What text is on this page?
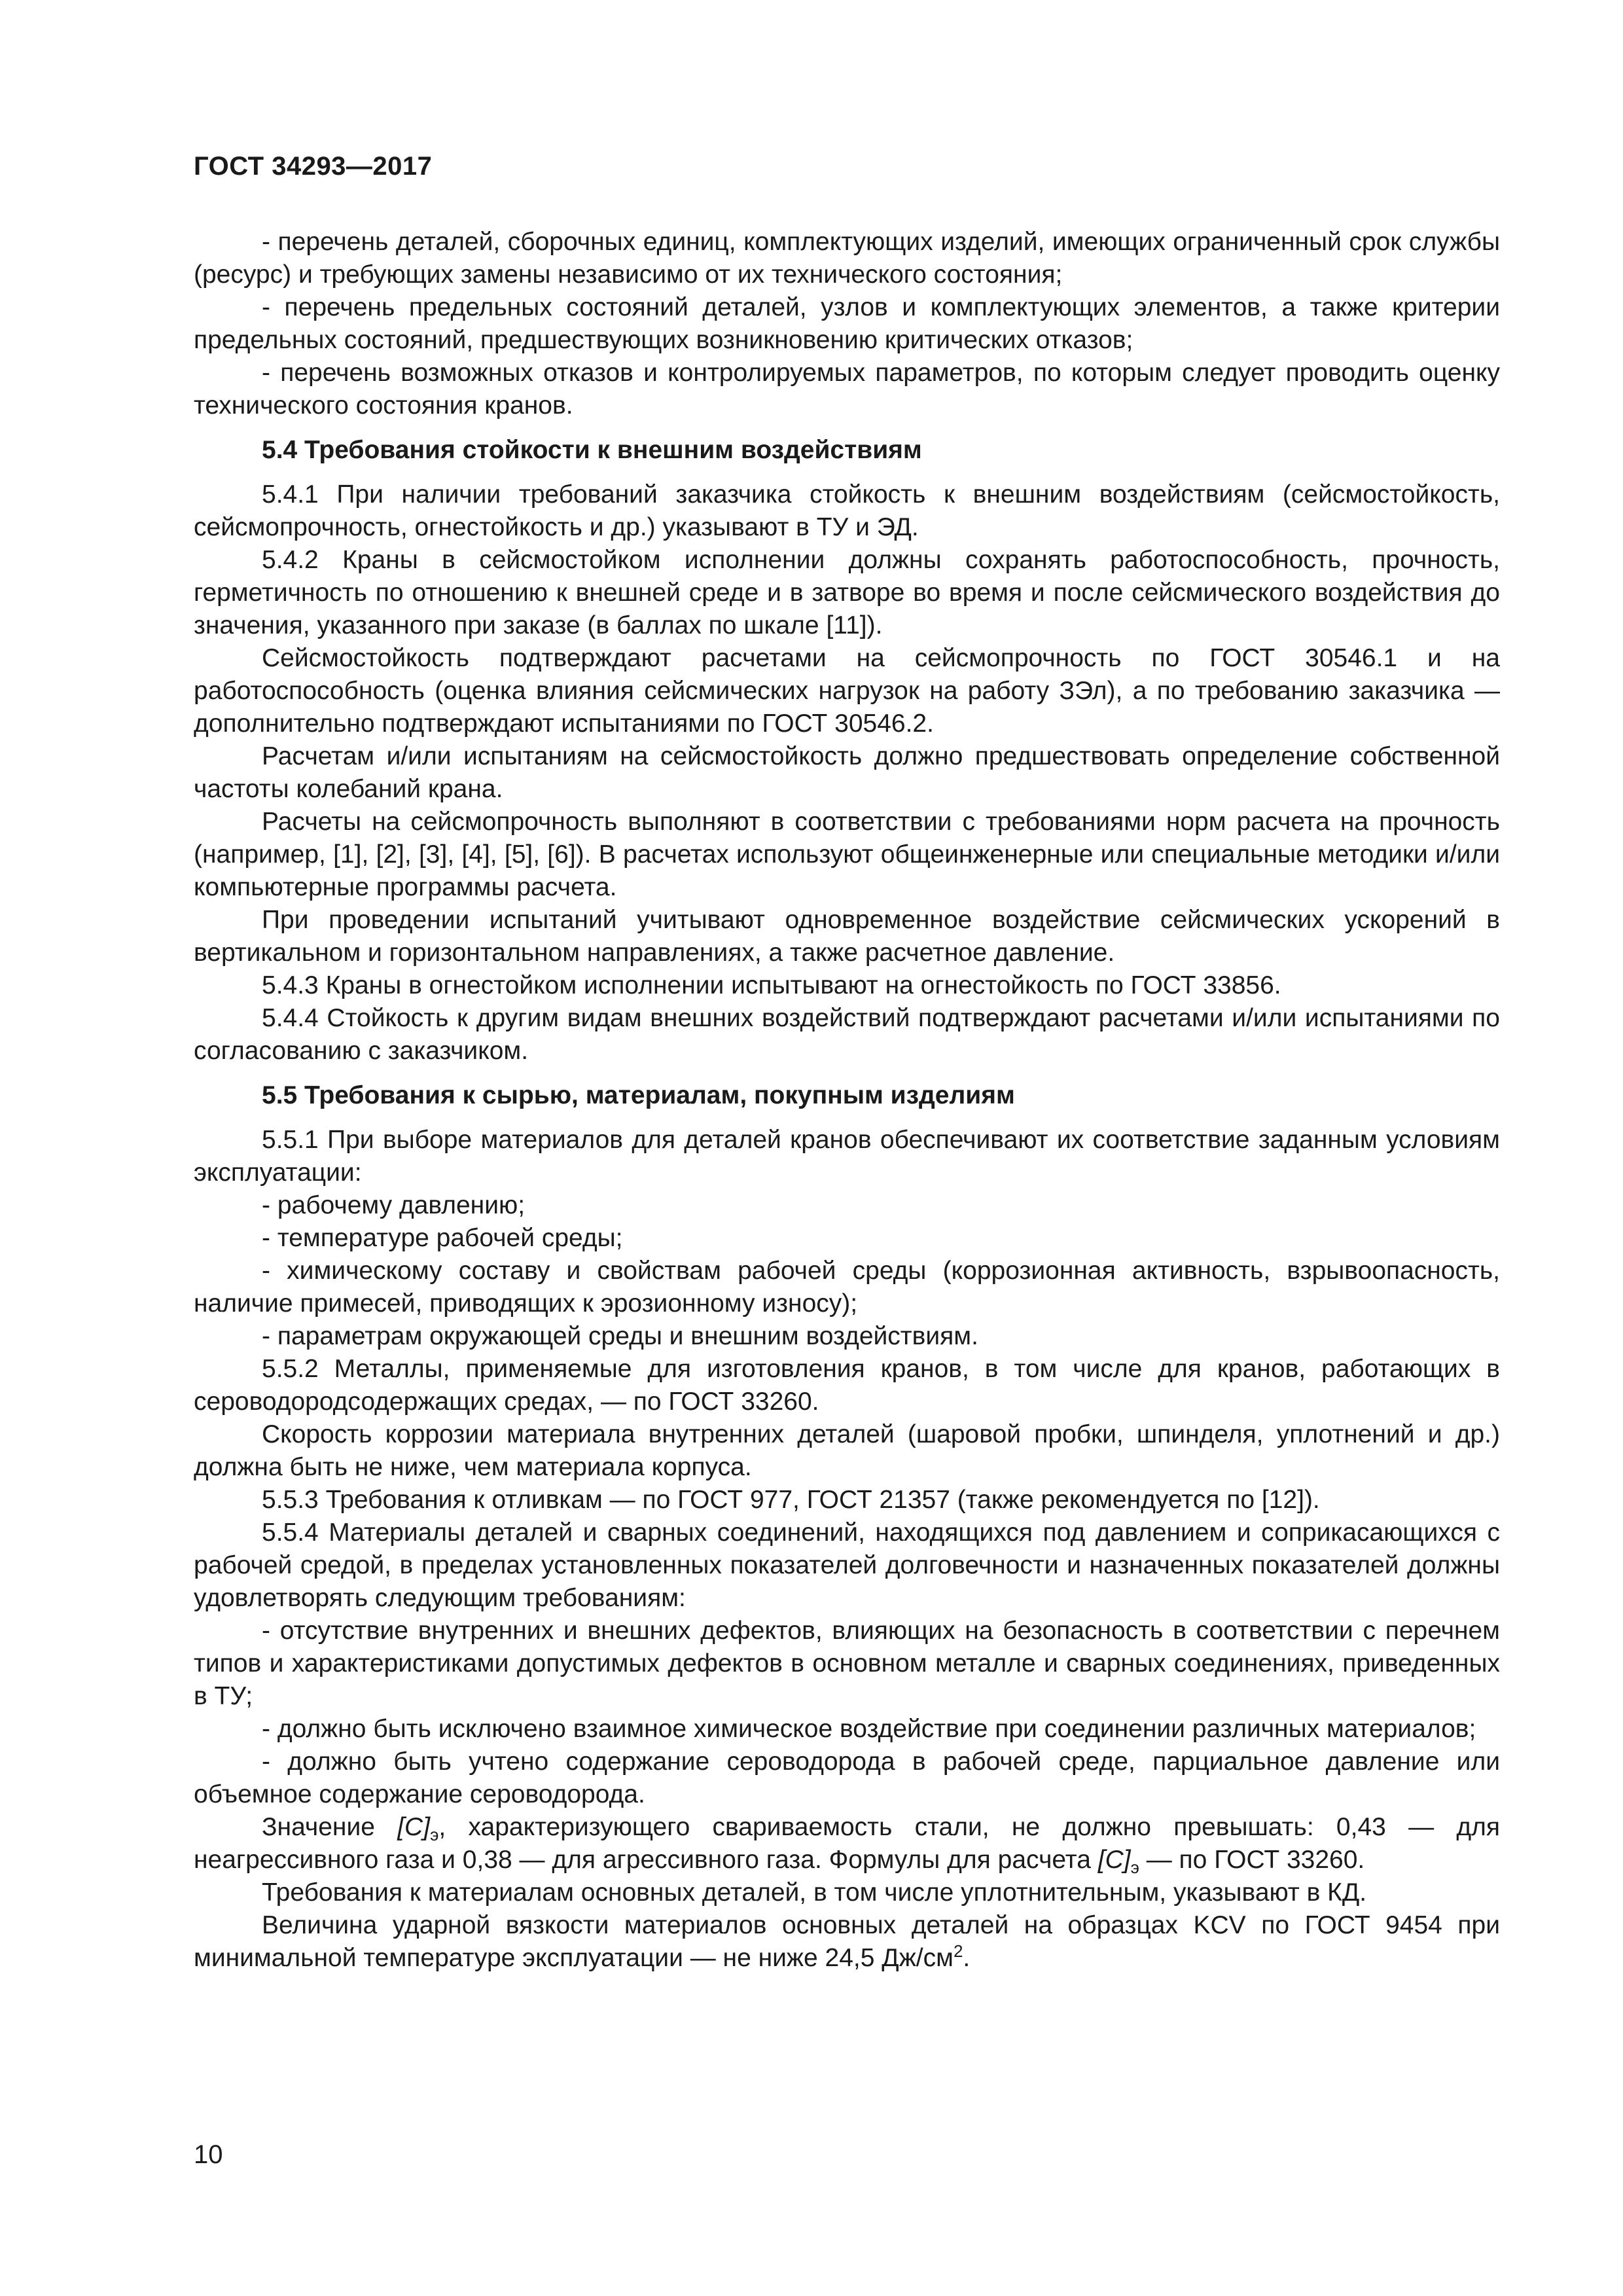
ГОСТ 34293—2017

- перечень деталей, сборочных единиц, комплектующих изделий, имеющих ограниченный срок службы (ресурс) и требующих замены независимо от их технического состояния;

- перечень предельных состояний деталей, узлов и комплектующих элементов, а также критерии предельных состояний, предшествующих возникновению критических отказов;

- перечень возможных отказов и контролируемых параметров, по которым следует проводить оценку технического состояния кранов.

5.4 Требования стойкости к внешним воздействиям

5.4.1 При наличии требований заказчика стойкость к внешним воздействиям (сейсмостойкость, сейсмопрочность, огнестойкость и др.) указывают в ТУ и ЭД.

5.4.2 Краны в сейсмостойком исполнении должны сохранять работоспособность, прочность, герметичность по отношению к внешней среде и в затворе во время и после сейсмического воздействия до значения, указанного при заказе (в баллах по шкале [11]).

Сейсмостойкость подтверждают расчетами на сейсмопрочность по ГОСТ 30546.1 и на работоспособность (оценка влияния сейсмических нагрузок на работу ЗЭл), а по требованию заказчика — дополнительно подтверждают испытаниями по ГОСТ 30546.2.

Расчетам и/или испытаниям на сейсмостойкость должно предшествовать определение собственной частоты колебаний крана.

Расчеты на сейсмопрочность выполняют в соответствии с требованиями норм расчета на прочность (например, [1], [2], [3], [4], [5], [6]). В расчетах используют общеинженерные или специальные методики и/или компьютерные программы расчета.

При проведении испытаний учитывают одновременное воздействие сейсмических ускорений в вертикальном и горизонтальном направлениях, а также расчетное давление.

5.4.3 Краны в огнестойком исполнении испытывают на огнестойкость по ГОСТ 33856.

5.4.4 Стойкость к другим видам внешних воздействий подтверждают расчетами и/или испытаниями по согласованию с заказчиком.

5.5 Требования к сырью, материалам, покупным изделиям

5.5.1 При выборе материалов для деталей кранов обеспечивают их соответствие заданным условиям эксплуатации:

- рабочему давлению;

- температуре рабочей среды;

- химическому составу и свойствам рабочей среды (коррозионная активность, взрывоопасность, наличие примесей, приводящих к эрозионному износу);

- параметрам окружающей среды и внешним воздействиям.

5.5.2 Металлы, применяемые для изготовления кранов, в том числе для кранов, работающих в сероводородсодержащих средах, — по ГОСТ 33260.

Скорость коррозии материала внутренних деталей (шаровой пробки, шпинделя, уплотнений и др.) должна быть не ниже, чем материала корпуса.

5.5.3 Требования к отливкам — по ГОСТ 977, ГОСТ 21357 (также рекомендуется по [12]).

5.5.4 Материалы деталей и сварных соединений, находящихся под давлением и соприкасающихся с рабочей средой, в пределах установленных показателей долговечности и назначенных показателей должны удовлетворять следующим требованиям:

- отсутствие внутренних и внешних дефектов, влияющих на безопасность в соответствии с перечнем типов и характеристиками допустимых дефектов в основном металле и сварных соединениях, приведенных в ТУ;

- должно быть исключено взаимное химическое воздействие при соединении различных материалов;

- должно быть учтено содержание сероводорода в рабочей среде, парциальное давление или объемное содержание сероводорода.

Значение $[C]_э$, характеризующего свариваемость стали, не должно превышать: 0,43 — для неагрессивного газа и 0,38 — для агрессивного газа. Формулы для расчета $[C]_э$ — по ГОСТ 33260.

Требования к материалам основных деталей, в том числе уплотнительным, указывают в КД.

Величина ударной вязкости материалов основных деталей на образцах KCV по ГОСТ 9454 при минимальной температуре эксплуатации — не ниже 24,5 $Дж/см^2$.

10
